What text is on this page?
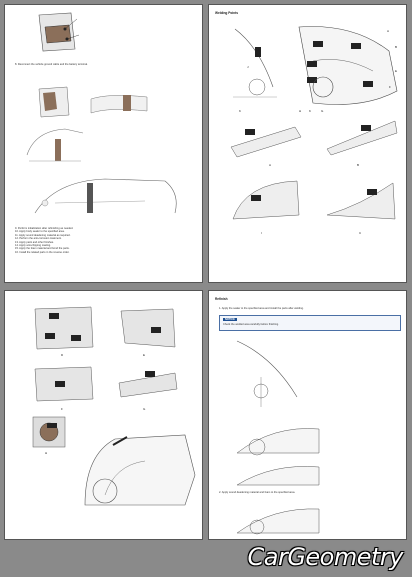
8. Reconnect the vehicle ground cable and the battery terminal.
9. Perform initialization after refinishing as needed.
10. Apply body sealer to the specified area.
11. Apply sound deadening material as required.
12. Perform the anti-corrosion treatment.
13. Apply paint and other finishes.
14. Apply anti-chipping coating.
15. Apply the foam material and bond the parts.
16. Install the related parts in the reverse order.
Welding Points
J
K
A
B
E
F
H	K	G
A	B
I	C
D	E
F	G
H
Refinish
1. Apply the sealer to the specified area and install the parts after welding.
NOTICE
Check the welded area carefully before finishing.
2. Apply sound deadening material and foam to the specified area.
CarGeometry
